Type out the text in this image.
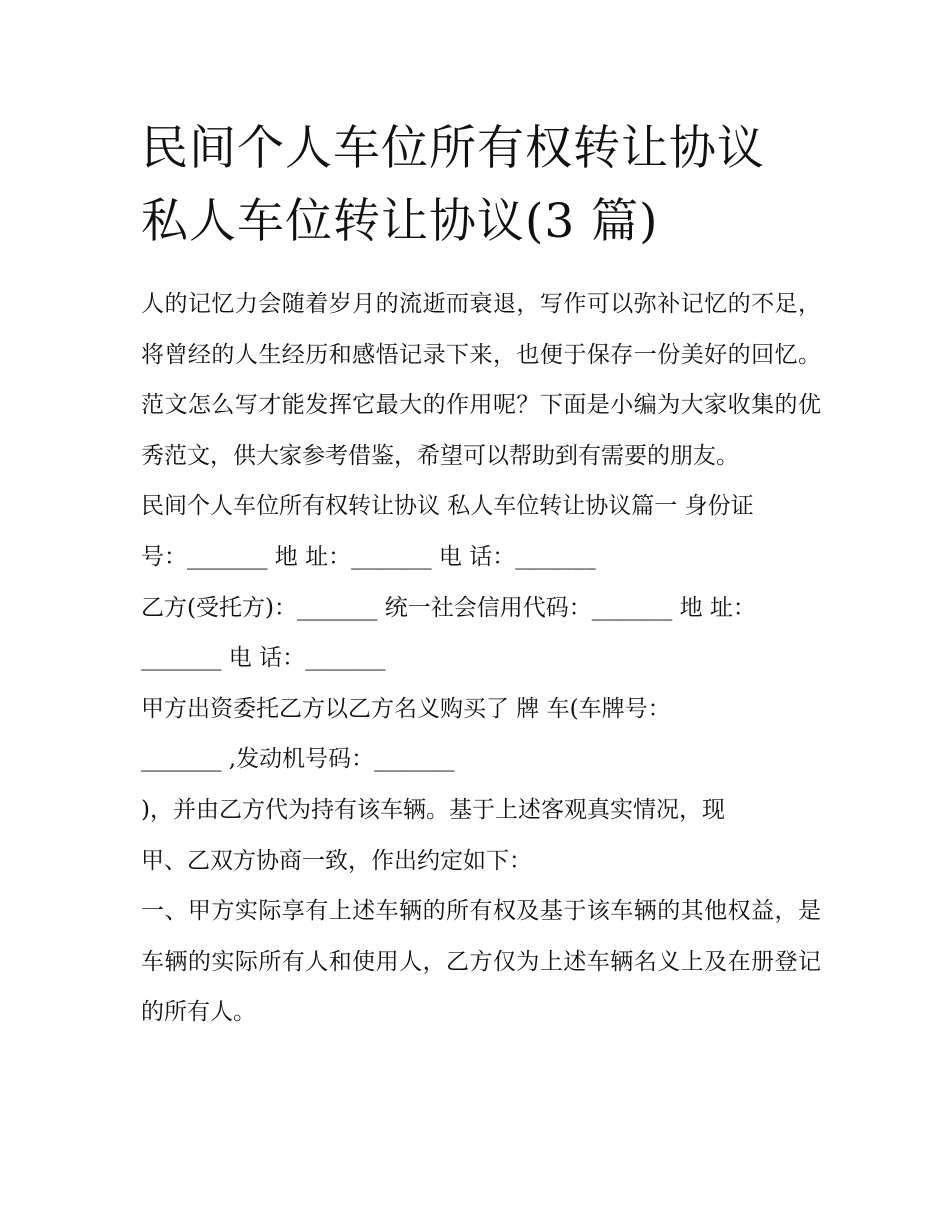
民间个人车位所有权转让协议
私人车位转让协议(3 篇)

人的记忆力会随着岁月的流逝而衰退，写作可以弥补记忆的不足，将曾经的人生经历和感悟记录下来，也便于保存一份美好的回忆。范文怎么写才能发挥它最大的作用呢？下面是小编为大家收集的优秀范文，供大家参考借鉴，希望可以帮助到有需要的朋友。

民间个人车位所有权转让协议 私人车位转让协议篇一 身份证

号：_______ 地 址：_______ 电 话：_______

乙方(受托方)：_______ 统一社会信用代码：_______ 地 址：

_______ 电 话：_______

甲方出资委托乙方以乙方名义购买了 牌 车(车牌号：

_______ ,发动机号码：_______

)，并由乙方代为持有该车辆。基于上述客观真实情况，现

甲、乙双方协商一致，作出约定如下：

一、甲方实际享有上述车辆的所有权及基于该车辆的其他权益，是车辆的实际所有人和使用人，乙方仅为上述车辆名义上及在册登记的所有人。
